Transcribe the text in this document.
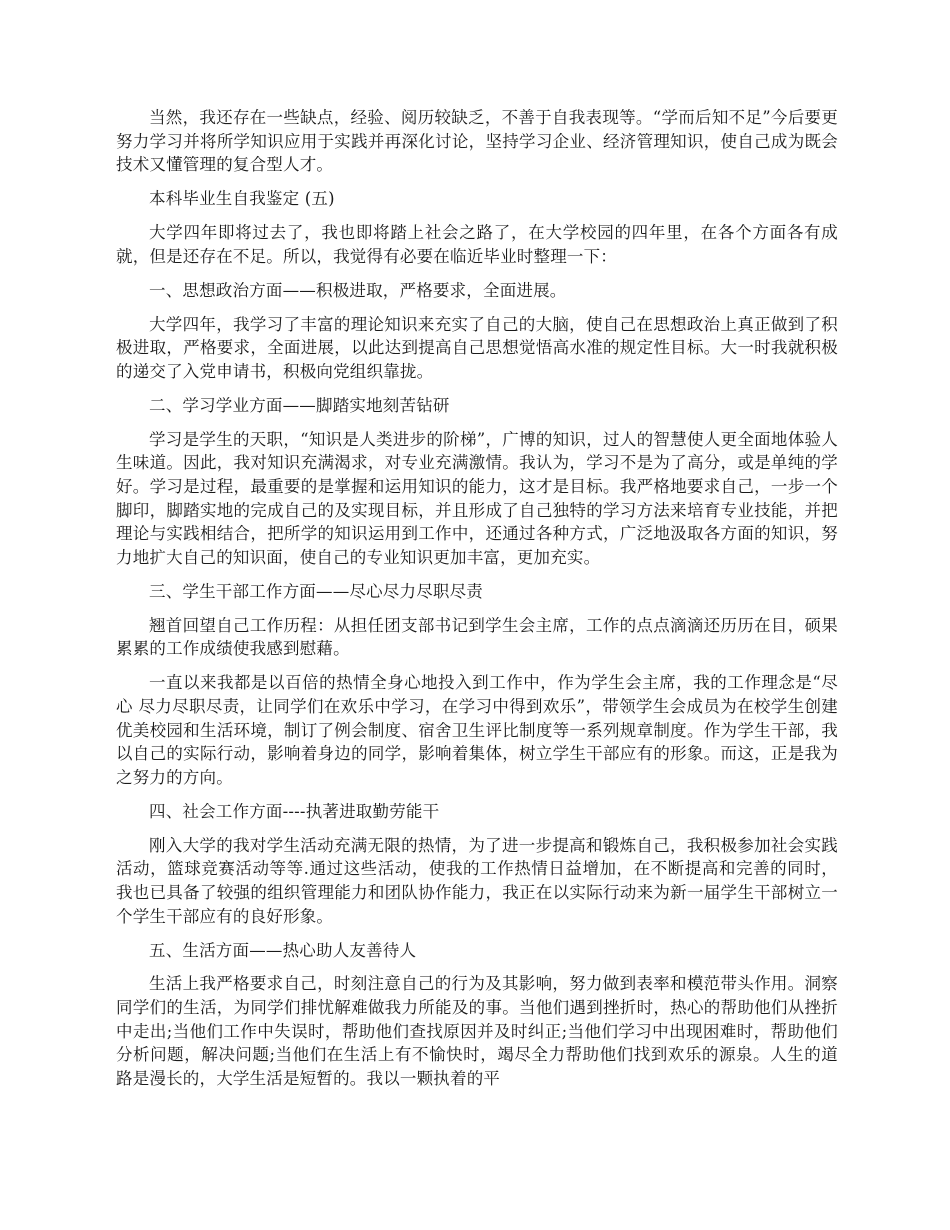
当然，我还存在一些缺点，经验、阅历较缺乏，不善于自我表现等。“学而后知不足”今后要更努力学习并将所学知识应用于实践并再深化讨论，坚持学习企业、经济管理知识，使自己成为既会技术又懂管理的复合型人才。

本科毕业生自我鉴定 (五)

大学四年即将过去了，我也即将踏上社会之路了，在大学校园的四年里，在各个方面各有成就，但是还存在不足。所以，我觉得有必要在临近毕业时整理一下：

一、思想政治方面——积极进取，严格要求，全面进展。

大学四年，我学习了丰富的理论知识来充实了自己的大脑，使自己在思想政治上真正做到了积极进取，严格要求，全面进展，以此达到提高自己思想觉悟高水准的规定性目标。大一时我就积极的递交了入党申请书，积极向党组织靠拢。

二、学习学业方面——脚踏实地刻苦钻研

学习是学生的天职，“知识是人类进步的阶梯”，广博的知识，过人的智慧使人更全面地体验人生味道。因此，我对知识充满渴求，对专业充满激情。我认为，学习不是为了高分，或是单纯的学好。学习是过程，最重要的是掌握和运用知识的能力，这才是目标。我严格地要求自己，一步一个脚印，脚踏实地的完成自己的及实现目标，并且形成了自己独特的学习方法来培育专业技能，并把理论与实践相结合，把所学的知识运用到工作中，还通过各种方式，广泛地汲取各方面的知识，努力地扩大自己的知识面，使自己的专业知识更加丰富，更加充实。

三、学生干部工作方面——尽心尽力尽职尽责

翘首回望自己工作历程：从担任团支部书记到学生会主席，工作的点点滴滴还历历在目，硕果累累的工作成绩使我感到慰藉。

一直以来我都是以百倍的热情全身心地投入到工作中，作为学生会主席，我的工作理念是“尽心 尽力尽职尽责，让同学们在欢乐中学习，在学习中得到欢乐”，带领学生会成员为在校学生创建优美校园和生活环境，制订了例会制度、宿舍卫生评比制度等一系列规章制度。作为学生干部，我以自己的实际行动，影响着身边的同学，影响着集体，树立学生干部应有的形象。而这，正是我为之努力的方向。

四、社会工作方面----执著进取勤劳能干

刚入大学的我对学生活动充满无限的热情，为了进一步提高和锻炼自己，我积极参加社会实践活动，篮球竞赛活动等等.通过这些活动，使我的工作热情日益增加，在不断提高和完善的同时，我也已具备了较强的组织管理能力和团队协作能力，我正在以实际行动来为新一届学生干部树立一个学生干部应有的良好形象。

五、生活方面——热心助人友善待人

生活上我严格要求自己，时刻注意自己的行为及其影响，努力做到表率和模范带头作用。洞察同学们的生活，为同学们排忧解难做我力所能及的事。当他们遇到挫折时，热心的帮助他们从挫折中走出;当他们工作中失误时，帮助他们查找原因并及时纠正;当他们学习中出现困难时，帮助他们分析问题，解决问题;当他们在生活上有不愉快时，竭尽全力帮助他们找到欢乐的源泉。人生的道路是漫长的，大学生活是短暂的。我以一颗执着的平
